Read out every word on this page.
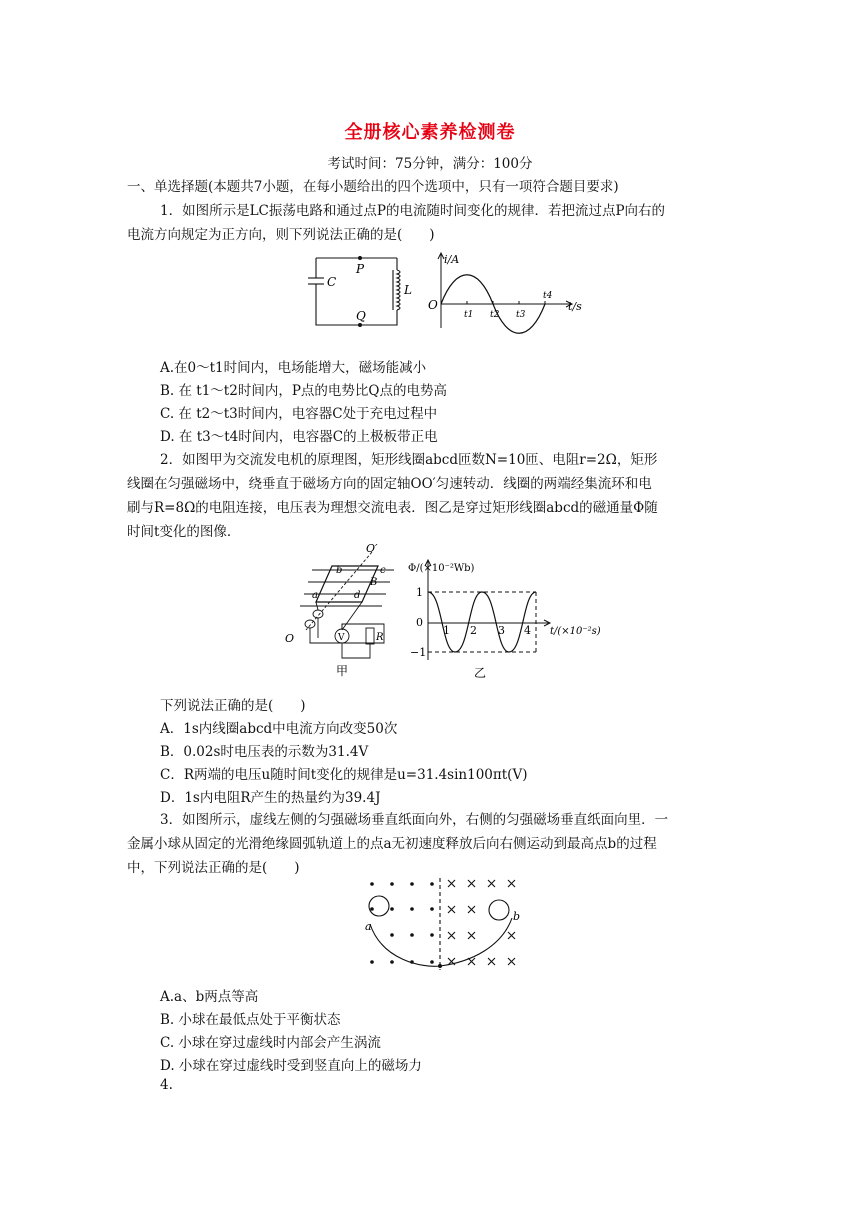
全册核心素养检测卷
考试时间：75分钟，满分：100分
一、单选择题(本题共7小题，在每小题给出的四个选项中，只有一项符合题目要求)
1．如图所示是LC振荡电路和通过点P的电流随时间变化的规律．若把流过点P向右的
电流方向规定为正方向，则下列说法正确的是(　　)
P
Q
C
L
i/A
t/s
O
t1 t2 t3
t4
A.在0～t1时间内，电场能增大，磁场能减小
B. 在 t1～t2时间内，P点的电势比Q点的电势高
C. 在 t2～t3时间内，电容器C处于充电过程中
D. 在 t3～t4时间内，电容器C的上极板带正电
2．如图甲为交流发电机的原理图，矩形线圈abcd匝数N=10匝、电阻r=2Ω，矩形
线圈在匀强磁场中，绕垂直于磁场方向的固定轴OO′匀速转动．线圈的两端经集流环和电
刷与R=8Ω的电阻连接，电压表为理想交流电表．图乙是穿过矩形线圈abcd的磁通量Φ随
时间t变化的图像．
O′
O
a
b	c
d
B
V	R
甲
Φ/(×10⁻²Wb)
t/(×10⁻²s)
1
0
−1
1 2 3 4
乙
下列说法正确的是(　　)
A．1s内线圈abcd中电流方向改变50次
B．0.02s时电压表的示数为31.4V
C．R两端的电压u随时间t变化的规律是u=31.4sin100πt(V)
D．1s内电阻R产生的热量约为39.4J
3．如图所示，虚线左侧的匀强磁场垂直纸面向外，右侧的匀强磁场垂直纸面向里．一
金属小球从固定的光滑绝缘圆弧轨道上的点a无初速度释放后向右侧运动到最高点b的过程
中，下列说法正确的是(　　)
a
b
A.a、b两点等高
B. 小球在最低点处于平衡状态
C. 小球在穿过虚线时内部会产生涡流
D. 小球在穿过虚线时受到竖直向上的磁场力
4.
